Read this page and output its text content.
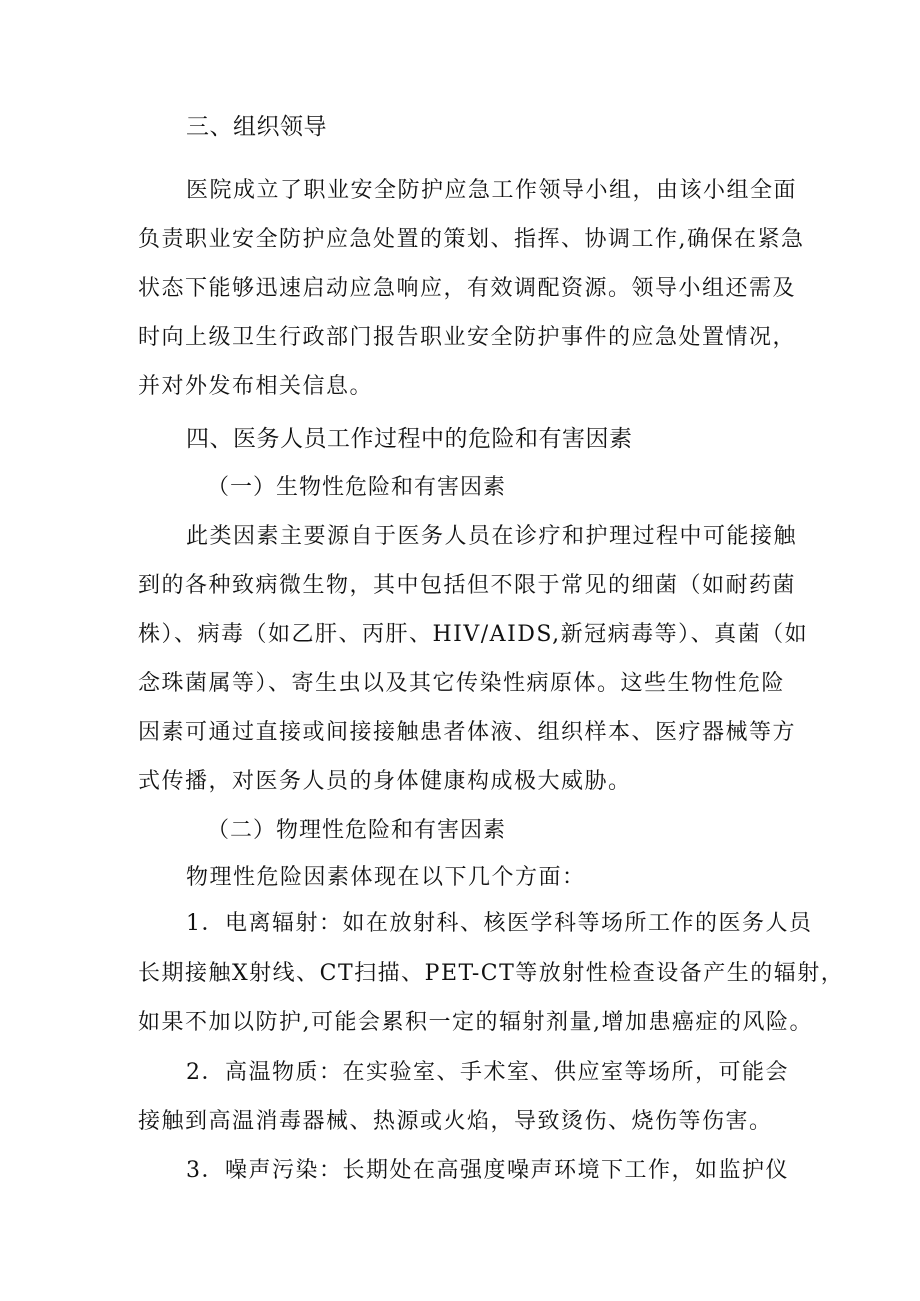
三、组织领导
医院成立了职业安全防护应急工作领导小组，由该小组全面
负责职业安全防护应急处置的策划、指挥、协调工作,确保在紧急
状态下能够迅速启动应急响应，有效调配资源。领导小组还需及
时向上级卫生行政部门报告职业安全防护事件的应急处置情况，
并对外发布相关信息。
四、医务人员工作过程中的危险和有害因素
（一）生物性危险和有害因素
此类因素主要源自于医务人员在诊疗和护理过程中可能接触
到的各种致病微生物，其中包括但不限于常见的细菌（如耐药菌
株）、病毒（如乙肝、丙肝、HIV/AIDS,新冠病毒等）、真菌（如
念珠菌属等）、寄生虫以及其它传染性病原体。这些生物性危险
因素可通过直接或间接接触患者体液、组织样本、医疗器械等方
式传播，对医务人员的身体健康构成极大威胁。
（二）物理性危险和有害因素
物理性危险因素体现在以下几个方面：
1．电离辐射：如在放射科、核医学科等场所工作的医务人员
长期接触X射线、CT扫描、PET-CT等放射性检查设备产生的辐射，
如果不加以防护,可能会累积一定的辐射剂量,增加患癌症的风险。
2．高温物质：在实验室、手术室、供应室等场所，可能会
接触到高温消毒器械、热源或火焰，导致烫伤、烧伤等伤害。
3．噪声污染：长期处在高强度噪声环境下工作，如监护仪
